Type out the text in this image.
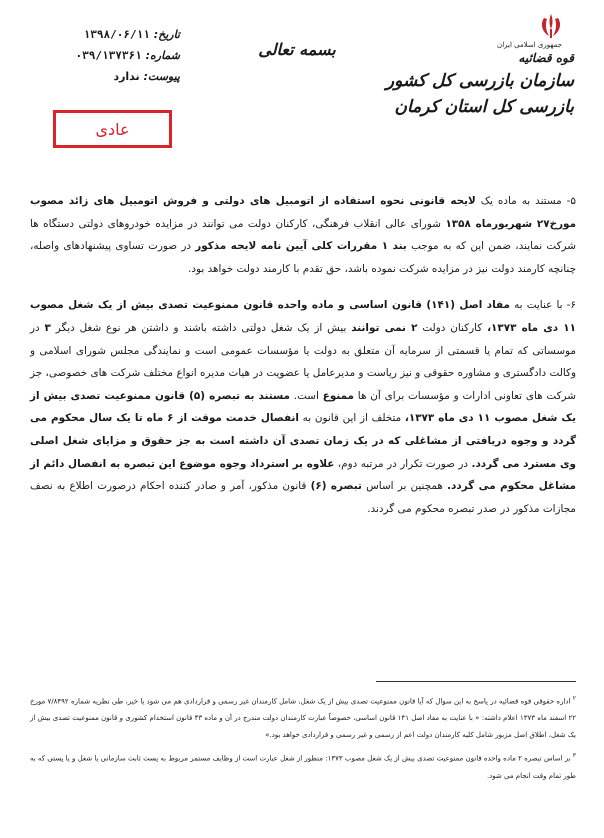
تاریخ: ۱۳۹۸/۰۶/۱۱
شماره: ۰۳۹/۱۳۷۳۶۱
پیوست: ندارد
عادی
بسمه تعالی	جمهوری اسلامی ایران
قوه قضائیه
سازمان بازرسی کل کشور
بازرسی کل استان کرمان

۵- مستند به ماده یک لایحه قانونی نحوه استفاده از اتومبیل های دولتی و فروش اتومبیل های زائد مصوب مورخ۲۷ شهریورماه ۱۳۵۸ شورای عالی انقلاب فرهنگی، کارکنان دولت می توانند در مزایده خودروهای دولتی دستگاه ها شرکت نمایند، ضمن این که به موجب بند ۱ مقررات کلی آیین نامه لایحه مذکور در صورت تساوی پیشنهادهای واصله، چنانچه کارمند دولت نیز در مزایده شرکت نموده باشد، حق تقدم با کارمند دولت خواهد بود.

۶- با عنایت به مفاد اصل (۱۴۱) قانون اساسی و ماده واحده قانون ممنوعیت تصدی بیش از یک شغل مصوب ۱۱ دی ماه ۱۳۷۳، کارکنان دولت ۲ نمی توانند بیش از یک شغل دولتی داشته باشند و داشتن هر نوع شغل دیگر ۳ در موسساتی که تمام یا قسمتی از سرمایه آن متعلق به دولت یا مؤسسات عمومی است و نمایندگی مجلس شورای اسلامی و وکالت دادگستری و مشاوره حقوقی و نیز ریاست و مدیرعامل یا عضویت در هیات مدیره انواع مختلف شرکت های خصوصی، جز شرکت های تعاونی ادارات و مؤسسات برای آن ها ممنوع است. مستند به تبصره (۵) قانون ممنوعیت تصدی بیش از یک شغل مصوب ۱۱ دی ماه ۱۳۷۳، متخلف از این قانون به انفصال خدمت موقت از ۶ ماه تا یک سال محکوم می گردد و وجوه دریافتی از مشاغلی که در یک زمان تصدی آن داشته است به جز حقوق و مزایای شغل اصلی وی مسترد می گردد. در صورت تکرار در مرتبه دوم، علاوه بر استرداد وجوه موضوع این تبصره به انفصال دائم از مشاغل محکوم می گردد. همچنین بر اساس تبصره (۶) قانون مذکور، آمر و صادر کننده احکام درصورت اطلاع به نصف مجازات مذکور در صدر تبصره محکوم می گردند.

$^۲$ اداره حقوقی قوه قضائیه در پاسخ به این سوال که آیا قانون ممنوعیت تصدی بیش از یک شغل، شامل کارمندان غیر رسمی و قراردادی هم می شود یا خیر، طی نظریه شماره ۷/۸۴۹۲ مورخ ۲۲ اسفند ماه ۱۳۷۳ اعلام داشته: « با عنایت به مفاد اصل ۱۴۱ قانون اساسی، خصوصاً عبارت کارمندان دولت مندرج در آن و ماده ۴۳ قانون استخدام کشوری و قانون ممنوعیت تصدی بیش از یک شغل، اطلاق اصل مزبور شامل کلیه کارمندان دولت اعم از رسمی و غیر رسمی و قراردادی خواهد بود.»

$^۳$ بر اساس تبصره ۲ ماده واحده قانون ممنوعیت تصدی بیش از یک شغل مصوب ۱۳۷۳: منظور از شغل عبارت است از وظایف مستمر مربوط به پست ثابت سازمانی یا شغل و یا پستی که به طور تمام وقت انجام می شود.
